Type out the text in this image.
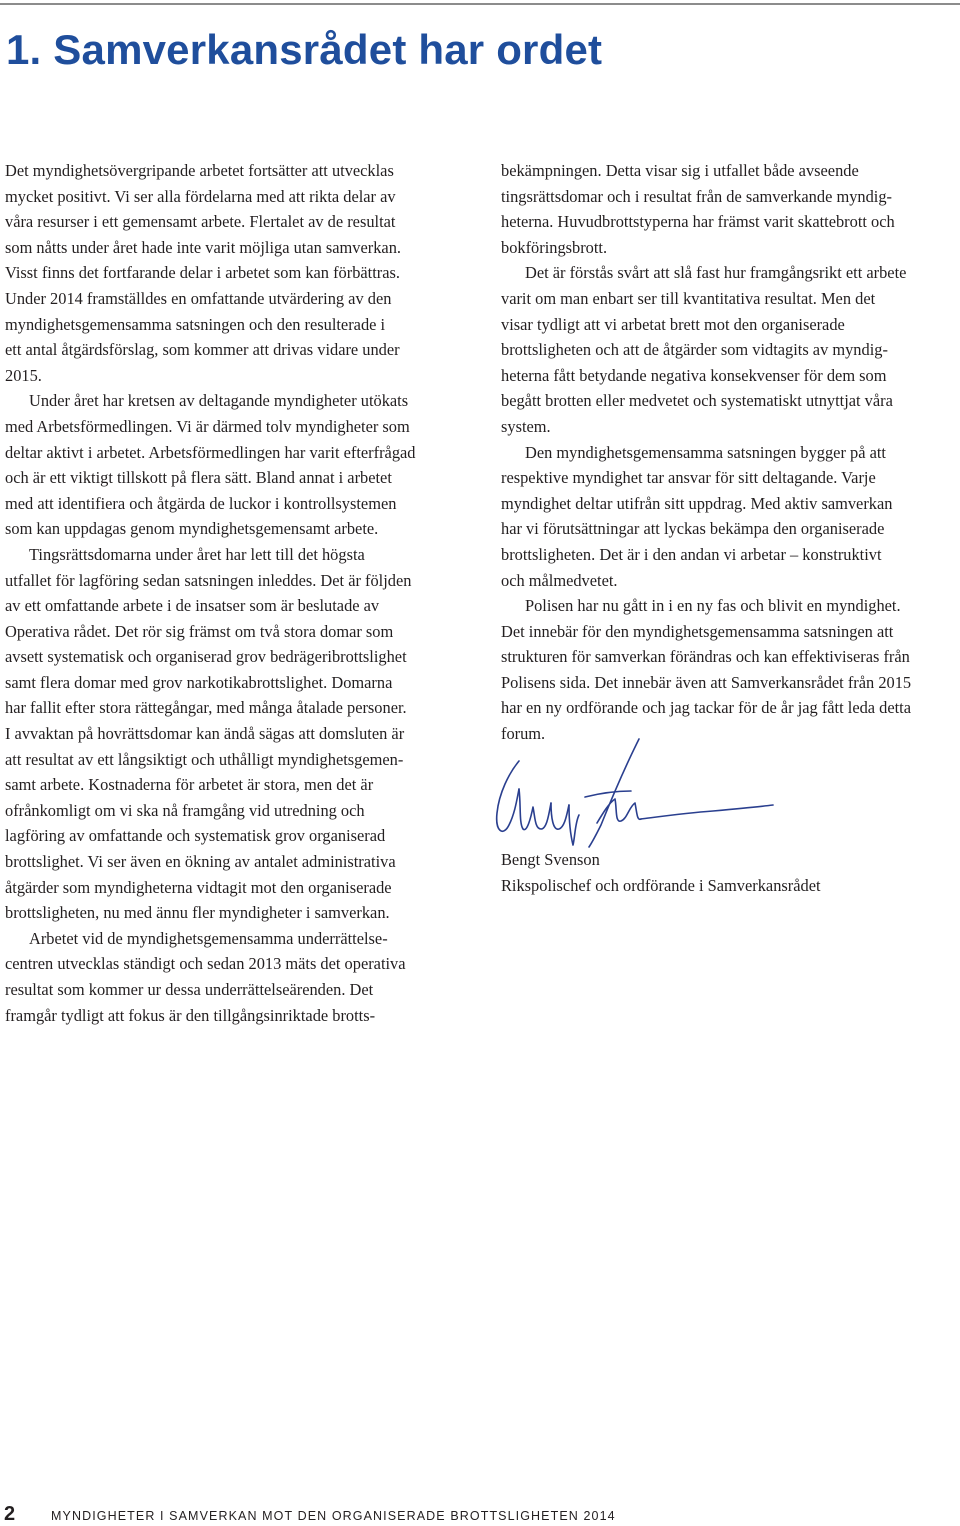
1. Samverkansrådet har ordet

Det myndighetsövergripande arbetet fortsätter att utvecklas
mycket positivt. Vi ser alla fördelarna med att rikta delar av
våra resurser i ett gemensamt arbete. Flertalet av de resultat
som nåtts under året hade inte varit möjliga utan samverkan.
Visst finns det fortfarande delar i arbetet som kan förbättras.
Under 2014 framställdes en omfattande utvärdering av den
myndighetsgemensamma satsningen och den resulterade i
ett antal åtgärdsförslag, som kommer att drivas vidare under
2015.

Under året har kretsen av deltagande myndigheter utökats
med Arbetsförmedlingen. Vi är därmed tolv myndigheter som
deltar aktivt i arbetet. Arbetsförmedlingen har varit efterfrågad
och är ett viktigt tillskott på flera sätt. Bland annat i arbetet
med att identifiera och åtgärda de luckor i kontrollsystemen
som kan uppdagas genom myndighetsgemensamt arbete.

Tingsrättsdomarna under året har lett till det högsta
utfallet för lagföring sedan satsningen inleddes. Det är följden
av ett omfattande arbete i de insatser som är beslutade av
Operativa rådet. Det rör sig främst om två stora domar som
avsett systematisk och organiserad grov bedrägeribrottslighet
samt flera domar med grov narkotikabrottslighet. Domarna
har fallit efter stora rättegångar, med många åtalade personer.
I avvaktan på hovrättsdomar kan ändå sägas att domsluten är
att resultat av ett långsiktigt och uthålligt myndighetsgemen-
samt arbete. Kostnaderna för arbetet är stora, men det är
ofrånkomligt om vi ska nå framgång vid utredning och
lagföring av omfattande och systematisk grov organiserad
brottslighet. Vi ser även en ökning av antalet administrativa
åtgärder som myndigheterna vidtagit mot den organiserade
brottsligheten, nu med ännu fler myndigheter i samverkan.

Arbetet vid de myndighetsgemensamma underrättelse-
centren utvecklas ständigt och sedan 2013 mäts det operativa
resultat som kommer ur dessa underrättelseärenden. Det
framgår tydligt att fokus är den tillgångsinriktade brotts-

bekämpningen. Detta visar sig i utfallet både avseende
tingsrättsdomar och i resultat från de samverkande myndig-
heterna. Huvudbrottstyperna har främst varit skattebrott och
bokföringsbrott.

Det är förstås svårt att slå fast hur framgångsrikt ett arbete
varit om man enbart ser till kvantitativa resultat. Men det
visar tydligt att vi arbetat brett mot den organiserade
brottsligheten och att de åtgärder som vidtagits av myndig-
heterna fått betydande negativa konsekvenser för dem som
begått brotten eller medvetet och systematiskt utnyttjat våra
system.

Den myndighetsgemensamma satsningen bygger på att
respektive myndighet tar ansvar för sitt deltagande. Varje
myndighet deltar utifrån sitt uppdrag. Med aktiv samverkan
har vi förutsättningar att lyckas bekämpa den organiserade
brottsligheten. Det är i den andan vi arbetar – konstruktivt
och målmedvetet.

Polisen har nu gått in i en ny fas och blivit en myndighet.
Det innebär för den myndighetsgemensamma satsningen att
strukturen för samverkan förändras och kan effektiviseras från
Polisens sida. Det innebär även att Samverkansrådet från 2015
har en ny ordförande och jag tackar för de år jag fått leda detta
forum.

Bengt Svenson
Rikspolischef och ordförande i Samverkansrådet
2	MYNDIGHETER I SAMVERKAN MOT DEN ORGANISERADE BROTTSLIGHETEN 2014
